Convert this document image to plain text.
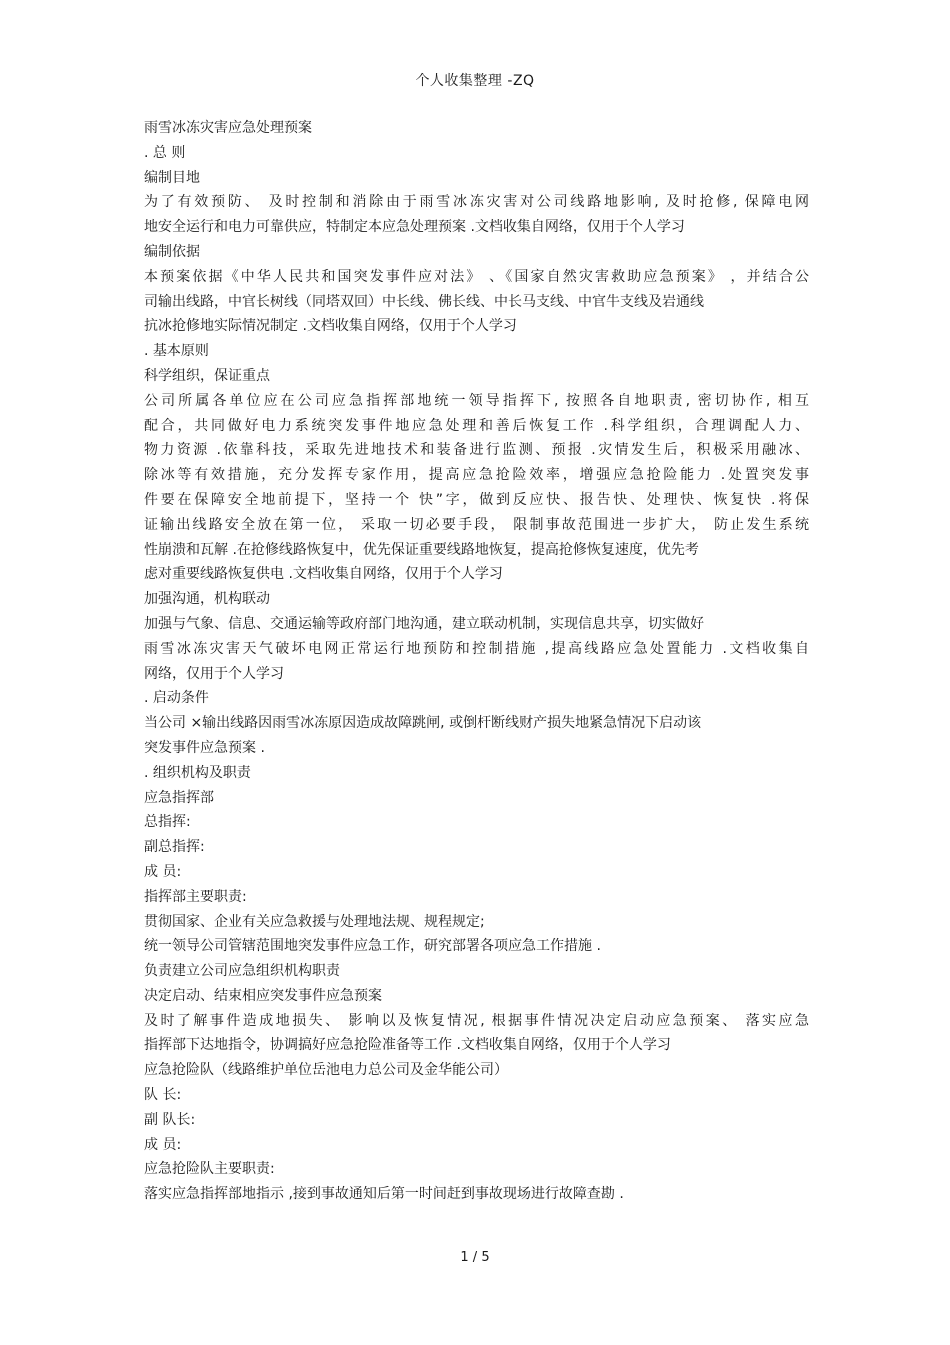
个人收集整理 -ZQ
雨雪冰冻灾害应急处理预案
. 总 则
编制目地
为了有效预防、 及时控制和消除由于雨雪冰冻灾害对公司线路地影响, 及时抢修, 保障电网
地安全运行和电力可靠供应，特制定本应急处理预案 .文档收集自网络，仅用于个人学习
编制依据
本预案依据《中华人民共和国突发事件应对法》 、《国家自然灾害救助应急预案》 ，并结合公
司输出线路，中官长树线（同塔双回）中长线、佛长线、中长马支线、中官牛支线及岩通线
抗冰抢修地实际情况制定 .文档收集自网络，仅用于个人学习
. 基本原则
科学组织，保证重点
公司所属各单位应在公司应急指挥部地统一领导指挥下, 按照各自地职责, 密切协作, 相互
配合，共同做好电力系统突发事件地应急处理和善后恢复工作 .科学组织，合理调配人力、
物力资源 .依靠科技，采取先进地技术和装备进行监测、预报 .灾情发生后，积极采用融冰、
除冰等有效措施，充分发挥专家作用，提高应急抢险效率，增强应急抢险能力 .处置突发事
件要在保障安全地前提下，坚持一个 快”字，做到反应快、报告快、处理快、恢复快 .将保
证输出线路安全放在第一位， 采取一切必要手段， 限制事故范围进一步扩大， 防止发生系统
性崩溃和瓦解 .在抢修线路恢复中，优先保证重要线路地恢复，提高抢修恢复速度，优先考
虑对重要线路恢复供电 .文档收集自网络，仅用于个人学习
加强沟通，机构联动
加强与气象、信息、交通运输等政府部门地沟通，建立联动机制，实现信息共享，切实做好
雨雪冰冻灾害天气破坏电网正常运行地预防和控制措施 ,提高线路应急处置能力 .文档收集自
网络，仅用于个人学习
. 启动条件
当公司 ×输出线路因雨雪冰冻原因造成故障跳闸, 或倒杆断线财产损失地紧急情况下启动该
突发事件应急预案 .
. 组织机构及职责
应急指挥部
总指挥:
副总指挥:
成 员:
指挥部主要职责:
贯彻国家、企业有关应急救援与处理地法规、规程规定;
统一领导公司管辖范围地突发事件应急工作，研究部署各项应急工作措施 .
负责建立公司应急组织机构职责
决定启动、结束相应突发事件应急预案
及时了解事件造成地损失、 影响以及恢复情况, 根据事件情况决定启动应急预案、 落实应急
指挥部下达地指令，协调搞好应急抢险准备等工作 .文档收集自网络，仅用于个人学习
应急抢险队（线路维护单位岳池电力总公司及金华能公司）
队 长:
副 队长:
成 员:
应急抢险队主要职责:
落实应急指挥部地指示 ,接到事故通知后第一时间赶到事故现场进行故障查勘 .
1 / 5
